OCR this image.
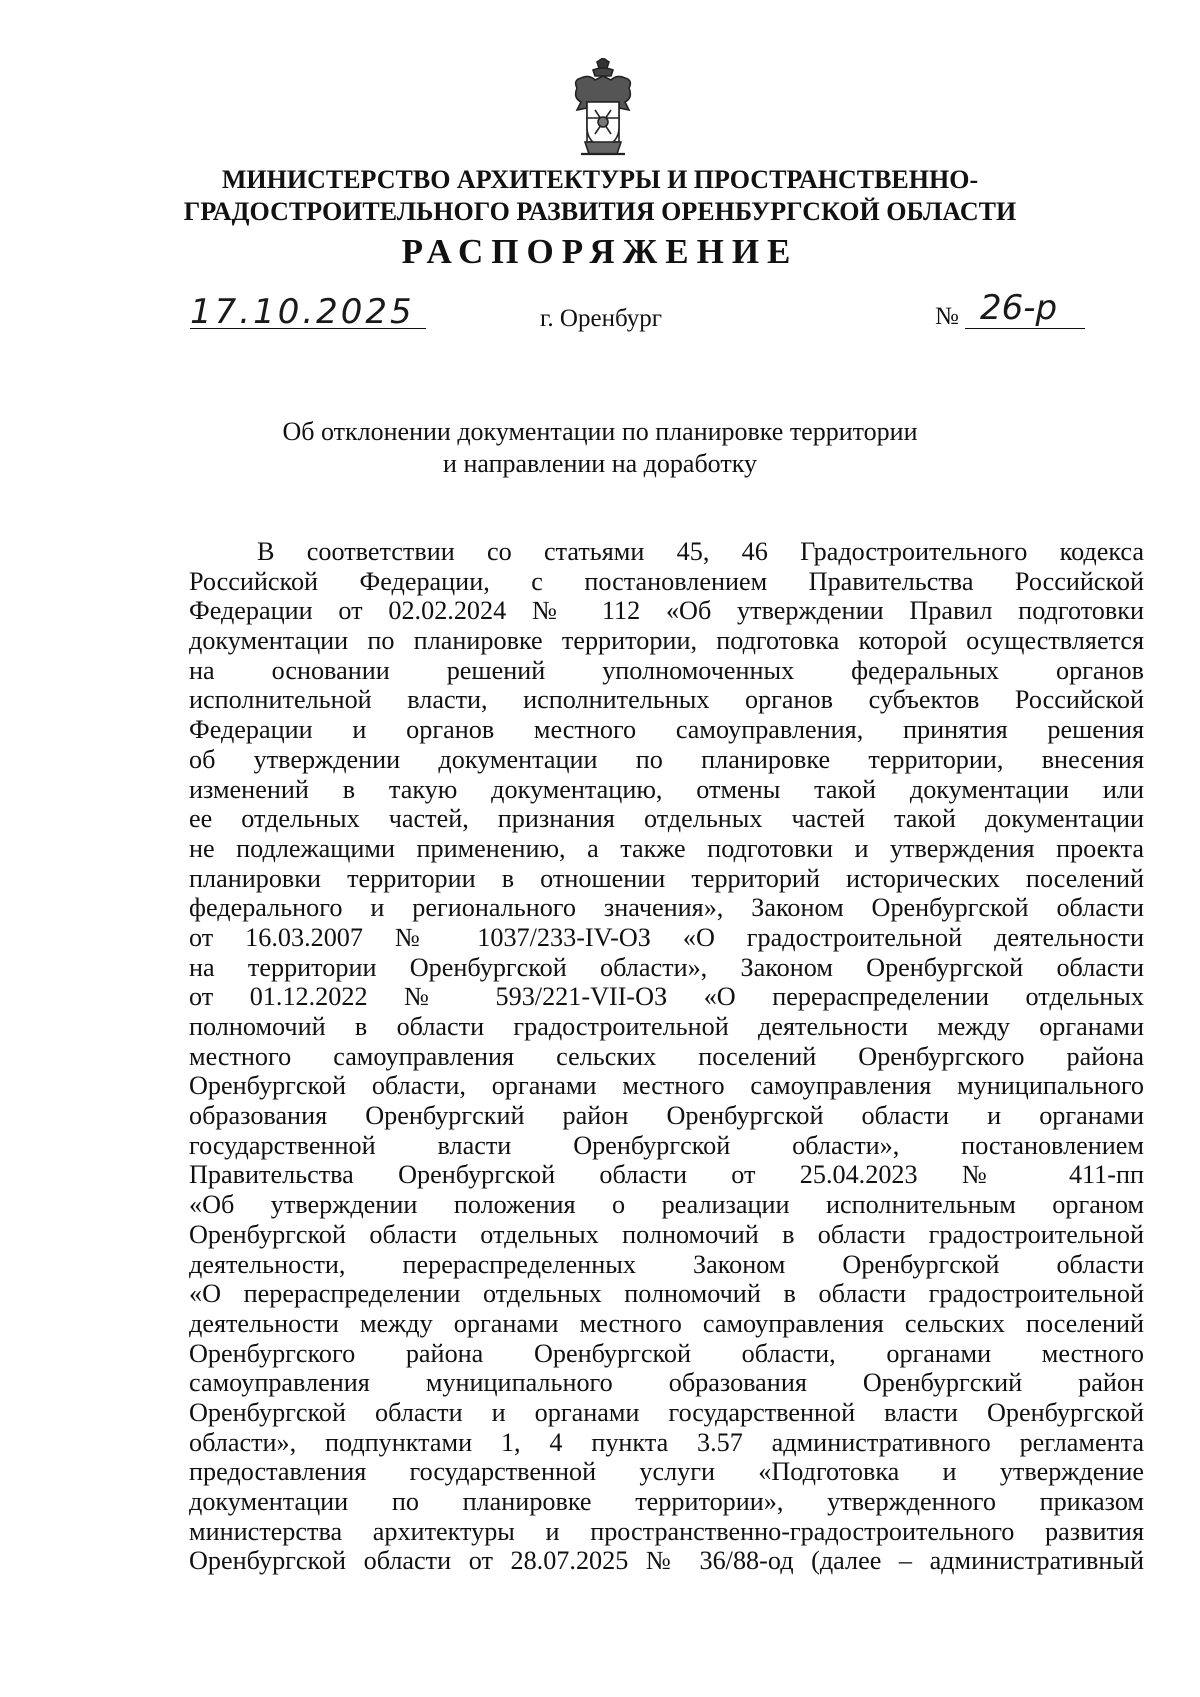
МИНИСТЕРСТВО АРХИТЕКТУРЫ И ПРОСТРАНСТВЕННО-
ГРАДОСТРОИТЕЛЬНОГО РАЗВИТИЯ ОРЕНБУРГСКОЙ ОБЛАСТИ
РАСПОРЯЖЕНИЕ
17.10.2025	г. Оренбург	№ 26-р
Об отклонении документации по планировке территории
и направлении на доработку
В соответствии со статьями 45, 46 Градостроительного кодекса
Российской Федерации, с постановлением Правительства Российской
Федерации от 02.02.2024 № 112 «Об утверждении Правил подготовки
документации по планировке территории, подготовка которой осуществляется
на основании решений уполномоченных федеральных органов
исполнительной власти, исполнительных органов субъектов Российской
Федерации и органов местного самоуправления, принятия решения
об утверждении документации по планировке территории, внесения
изменений в такую документацию, отмены такой документации или
ее отдельных частей, признания отдельных частей такой документации
не подлежащими применению, а также подготовки и утверждения проекта
планировки территории в отношении территорий исторических поселений
федерального и регионального значения», Законом Оренбургской области
от 16.03.2007 № 1037/233-IV-ОЗ «О градостроительной деятельности
на территории Оренбургской области», Законом Оренбургской области
от 01.12.2022 № 593/221-VII-ОЗ «О перераспределении отдельных
полномочий в области градостроительной деятельности между органами
местного самоуправления сельских поселений Оренбургского района
Оренбургской области, органами местного самоуправления муниципального
образования Оренбургский район Оренбургской области и органами
государственной власти Оренбургской области», постановлением
Правительства Оренбургской области от 25.04.2023 № 411-пп
«Об утверждении положения о реализации исполнительным органом
Оренбургской области отдельных полномочий в области градостроительной
деятельности, перераспределенных Законом Оренбургской области
«О перераспределении отдельных полномочий в области градостроительной
деятельности между органами местного самоуправления сельских поселений
Оренбургского района Оренбургской области, органами местного
самоуправления муниципального образования Оренбургский район
Оренбургской области и органами государственной власти Оренбургской
области», подпунктами 1, 4 пункта 3.57 административного регламента
предоставления государственной услуги «Подготовка и утверждение
документации по планировке территории», утвержденного приказом
министерства архитектуры и пространственно-градостроительного развития
Оренбургской области от 28.07.2025 № 36/88-од (далее – административный
